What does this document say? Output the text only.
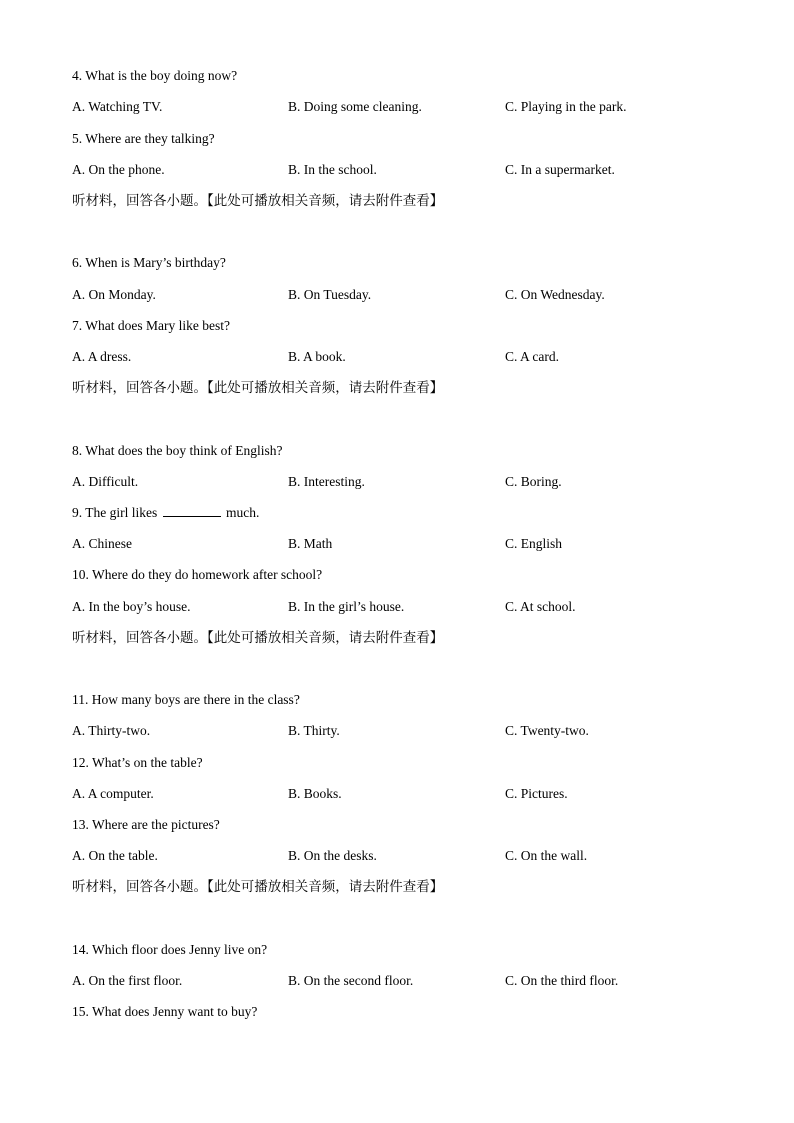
4. What is the boy doing now?
A. Watching TV.	B. Doing some cleaning.	C. Playing in the park.
5. Where are they talking?
A. On the phone.	B. In the school.	C. In a supermarket.
听材料，回答各小题。【此处可播放相关音频，请去附件查看】
6. When is Mary’s birthday?
A. On Monday.	B. On Tuesday.	C. On Wednesday.
7. What does Mary like best?
A. A dress.	B. A book.	C. A card.
听材料，回答各小题。【此处可播放相关音频，请去附件查看】
8. What does the boy think of English?
A. Difficult.	B. Interesting.	C. Boring.
9. The girl likes	much.
A. Chinese	B. Math	C. English
10. Where do they do homework after school?
A. In the boy’s house.	B. In the girl’s house.	C. At school.
听材料，回答各小题。【此处可播放相关音频，请去附件查看】
11. How many boys are there in the class?
A. Thirty-two.	B. Thirty.	C. Twenty-two.
12. What’s on the table?
A. A computer.	B. Books.	C. Pictures.
13. Where are the pictures?
A. On the table.	B. On the desks.	C. On the wall.
听材料，回答各小题。【此处可播放相关音频，请去附件查看】
14. Which floor does Jenny live on?
A. On the first floor.	B. On the second floor.	C. On the third floor.
15. What does Jenny want to buy?
